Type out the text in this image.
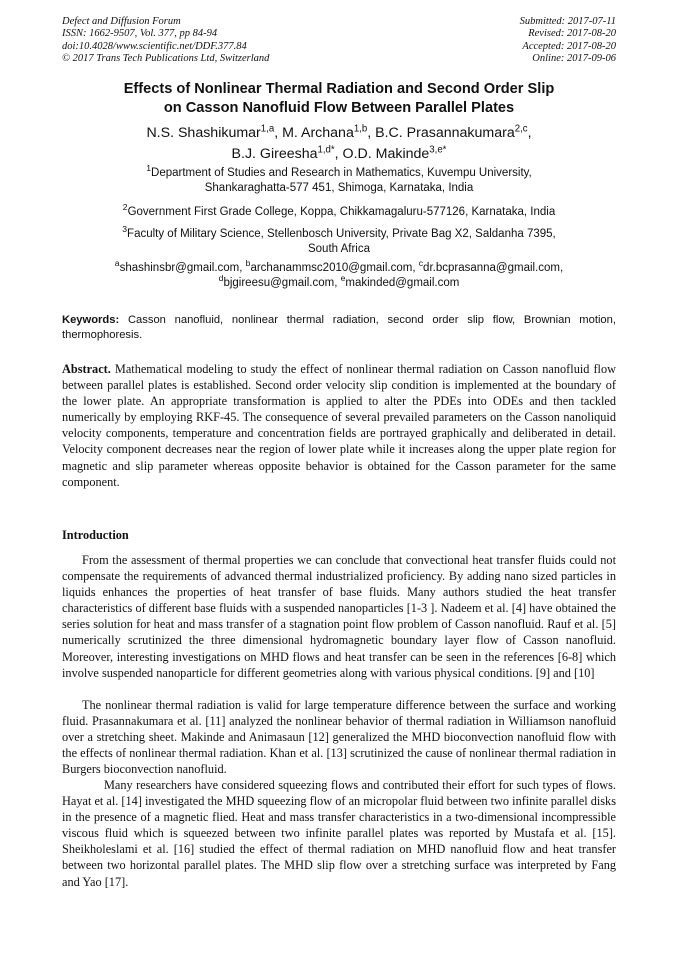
Defect and Diffusion Forum
ISSN: 1662-9507, Vol. 377, pp 84-94
doi:10.4028/www.scientific.net/DDF.377.84
© 2017 Trans Tech Publications Ltd, Switzerland
Submitted: 2017-07-11
Revised: 2017-08-20
Accepted: 2017-08-20
Online: 2017-09-06
Effects of Nonlinear Thermal Radiation and Second Order Slip
on Casson Nanofluid Flow Between Parallel Plates
N.S. Shashikumar$^{1,a}$, M. Archana$^{1,b}$, B.C. Prasannakumara$^{2,c}$,
B.J. Gireesha$^{1,d*}$, O.D. Makinde$^{3,e*}$
$^1$Department of Studies and Research in Mathematics, Kuvempu University,
Shankaraghatta-577 451, Shimoga, Karnataka, India
$^2$Government First Grade College, Koppa, Chikkamagaluru-577126, Karnataka, India
$^3$Faculty of Military Science, Stellenbosch University, Private Bag X2, Saldanha 7395,
South Africa
$^a$shashinsbr@gmail.com, $^b$archanammsc2010@gmail.com, $^c$dr.bcprasanna@gmail.com,
$^d$bjgireesu@gmail.com, $^e$makinded@gmail.com
Keywords: Casson nanofluid, nonlinear thermal radiation, second order slip flow, Brownian motion, thermophoresis.
Abstract. Mathematical modeling to study the effect of nonlinear thermal radiation on Casson nanofluid flow between parallel plates is established. Second order velocity slip condition is implemented at the boundary of the lower plate. An appropriate transformation is applied to alter the PDEs into ODEs and then tackled numerically by employing RKF-45. The consequence of several prevailed parameters on the Casson nanoliquid velocity components, temperature and concentration fields are portrayed graphically and deliberated in detail. Velocity component decreases near the region of lower plate while it increases along the upper plate region for magnetic and slip parameter whereas opposite behavior is obtained for the Casson parameter for the same component.
Introduction
From the assessment of thermal properties we can conclude that convectional heat transfer fluids could not compensate the requirements of advanced thermal industrialized proficiency. By adding nano sized particles in liquids enhances the properties of heat transfer of base fluids. Many authors studied the heat transfer characteristics of different base fluids with a suspended nanoparticles [1-3 ]. Nadeem et al. [4] have obtained the series solution for heat and mass transfer of a stagnation point flow problem of Casson nanofluid. Rauf et al. [5] numerically scrutinized the three dimensional hydromagnetic boundary layer flow of Casson nanofluid. Moreover, interesting investigations on MHD flows and heat transfer can be seen in the references [6-8] which involve suspended nanoparticle for different geometries along with various physical conditions. [9] and [10]
The nonlinear thermal radiation is valid for large temperature difference between the surface and working fluid. Prasannakumara et al. [11] analyzed the nonlinear behavior of thermal radiation in Williamson nanofluid over a stretching sheet. Makinde and Animasaun [12] generalized the MHD bioconvection nanofluid flow with the effects of nonlinear thermal radiation. Khan et al. [13] scrutinized the cause of nonlinear thermal radiation in Burgers bioconvection nanofluid.
Many researchers have considered squeezing flows and contributed their effort for such types of flows. Hayat et al. [14] investigated the MHD squeezing flow of an micropolar fluid between two infinite parallel disks in the presence of a magnetic flied. Heat and mass transfer characteristics in a two-dimensional incompressible viscous fluid which is squeezed between two infinite parallel plates was reported by Mustafa et al. [15]. Sheikholeslami et al. [16] studied the effect of thermal radiation on MHD nanofluid flow and heat transfer between two horizontal parallel plates. The MHD slip flow over a stretching surface was interpreted by Fang and Yao [17].
